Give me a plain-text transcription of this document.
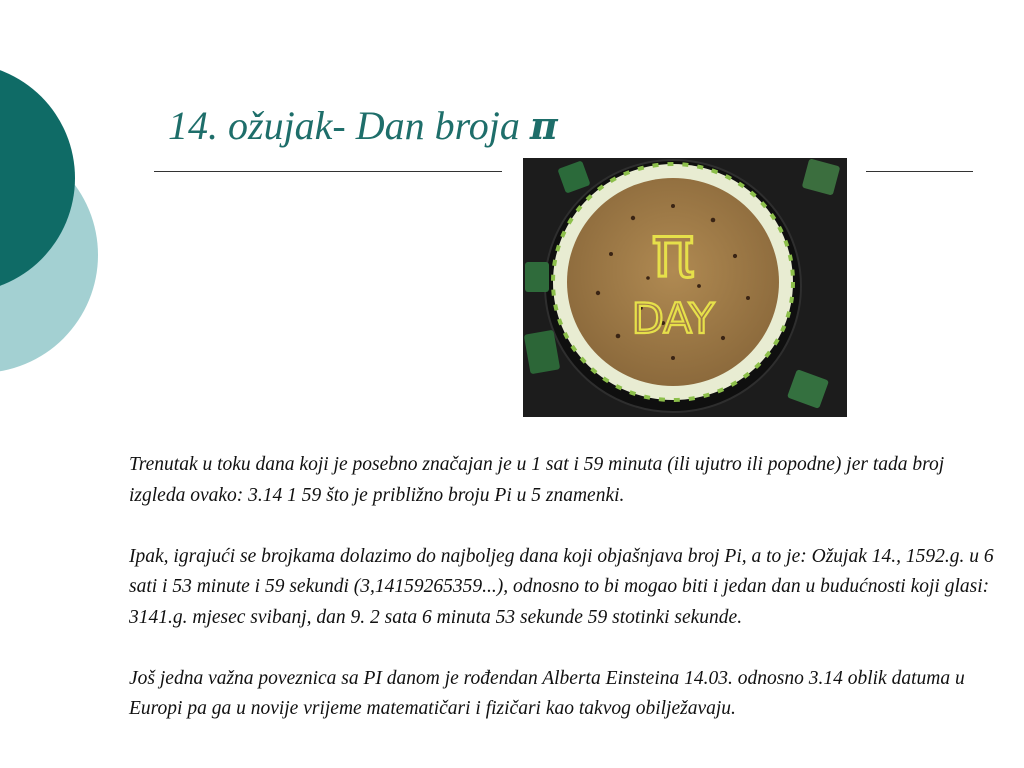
14. ožujak- Dan broja π
π
DAY

Trenutak u toku dana koji je posebno značajan je u 1 sat i 59 minuta (ili ujutro ili popodne) jer tada broj izgleda ovako: 3.14 1 59 što je približno broju Pi u 5 znamenki.

Ipak, igrajući se brojkama dolazimo do najboljeg dana koji objašnjava broj Pi, a to je: Ožujak 14., 1592.g. u 6 sati i 53 minute i 59 sekundi (3,14159265359...), odnosno to bi mogao biti i jedan dan u budućnosti koji glasi: 3141.g. mjesec svibanj, dan 9. 2 sata 6 minuta 53 sekunde 59 stotinki sekunde.

Još jedna važna poveznica sa PI danom je rođendan Alberta Einsteina 14.03. odnosno 3.14 oblik datuma u Europi pa ga u novije vrijeme matematičari i fizičari kao takvog obilježavaju.
